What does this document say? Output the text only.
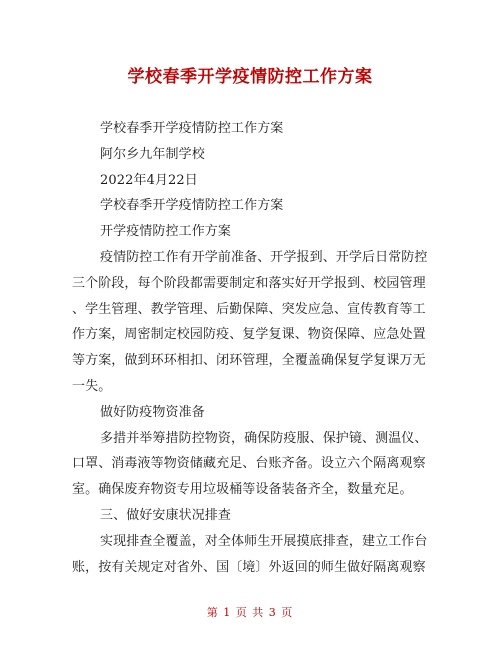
学校春季开学疫情防控工作方案
学校春季开学疫情防控工作方案
阿尔乡九年制学校
2022年4月22日
学校春季开学疫情防控工作方案
开学疫情防控工作方案
疫情防控工作有开学前准备、开学报到、开学后日常防控
三个阶段，每个阶段都需要制定和落实好开学报到、校园管理
、学生管理、教学管理、后勤保障、突发应急、宣传教育等工
作方案，周密制定校园防疫、复学复课、物资保障、应急处置
等方案，做到环环相扣、闭环管理，全覆盖确保复学复课万无
一失。
做好防疫物资准备
多措并举筹措防控物资，确保防疫服、保护镜、测温仪、
口罩、消毒液等物资储藏充足、台账齐备。设立六个隔离观察
室。确保废弃物资专用垃圾桶等设备装备齐全，数量充足。
三、做好安康状况排查
实现排查全覆盖，对全体师生开展摸底排查，建立工作台
账，按有关规定对省外、国〔境〕外返回的师生做好隔离观察
第 1 页 共 3 页
